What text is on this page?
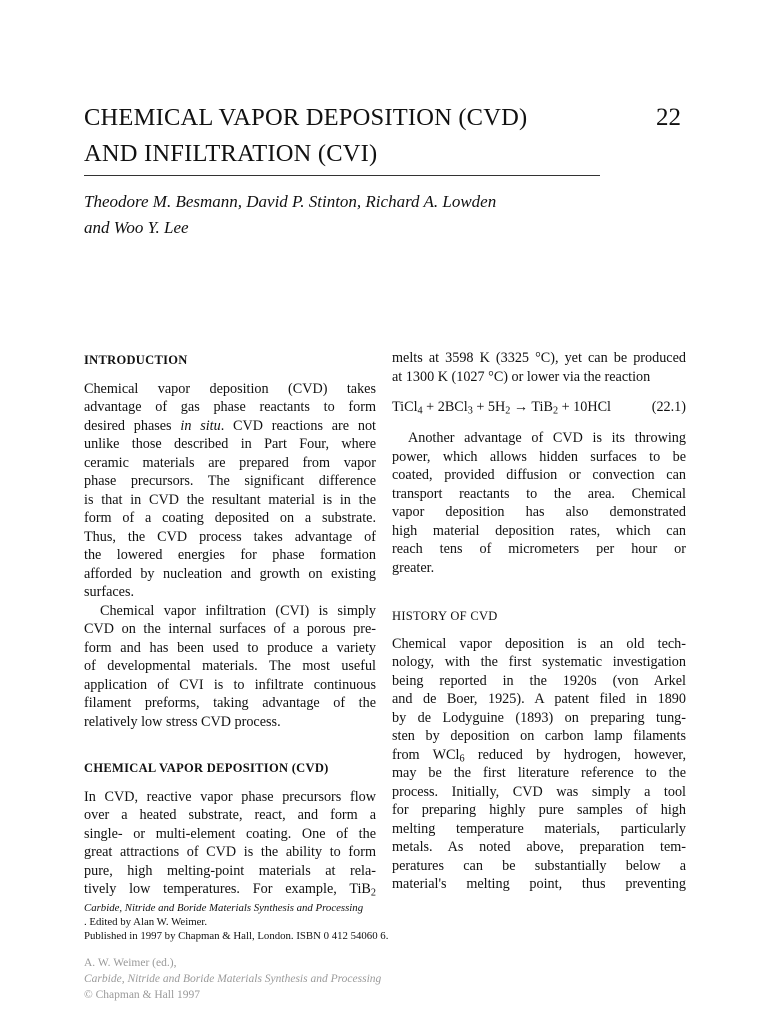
CHEMICAL VAPOR DEPOSITION (CVD)
AND INFILTRATION (CVI)
22
Theodore M. Besmann, David P. Stinton, Richard A. Lowden
and Woo Y. Lee
INTRODUCTION
Chemical vapor deposition (CVD) takes
advantage of gas phase reactants to form
desired phases in situ. CVD reactions are not
unlike those described in Part Four, where
ceramic materials are prepared from vapor
phase precursors. The significant difference
is that in CVD the resultant material is in the
form of a coating deposited on a substrate.
Thus, the CVD process takes advantage of
the lowered energies for phase formation
afforded by nucleation and growth on existing
surfaces.
Chemical vapor infiltration (CVI) is simply
CVD on the internal surfaces of a porous pre-
form and has been used to produce a variety
of developmental materials. The most useful
application of CVI is to infiltrate continuous
filament preforms, taking advantage of the
relatively low stress CVD process.
CHEMICAL VAPOR DEPOSITION (CVD)
In CVD, reactive vapor phase precursors flow
over a heated substrate, react, and form a
single- or multi-element coating. One of the
great attractions of CVD is the ability to form
pure, high melting-point materials at rela-
tively low temperatures. For example, TiB$_2$
melts at 3598 K (3325 °C), yet can be produced
at 1300 K (1027 °C) or lower via the reaction
TiCl$_4$ + $2BCl_3 + 5H_2 \to TiB_2 + 10HCl$	(22.1)
Another advantage of CVD is its throwing
power, which allows hidden surfaces to be
coated, provided diffusion or convection can
transport reactants to the area. Chemical
vapor deposition has also demonstrated
high material deposition rates, which can
reach tens of micrometers per hour or
greater.
HISTORY OF CVD
Chemical vapor deposition is an old tech-
nology, with the first systematic investigation
being reported in the 1920s (von Arkel
and de Boer, 1925). A patent filed in 1890
by de Lodyguine (1893) on preparing tung-
sten by deposition on carbon lamp filaments
from WCl$_6$ reduced by hydrogen, however,
may be the first literature reference to the
process. Initially, CVD was simply a tool
for preparing highly pure samples of high
melting temperature materials, particularly
metals. As noted above, preparation tem-
peratures can be substantially below a
material's melting point, thus preventing
Carbide, Nitride and Boride Materials Synthesis and Processing
. Edited by Alan W. Weimer.
Published in 1997 by Chapman & Hall, London. ISBN 0 412 54060 6.
A. W. Weimer (ed.),
Carbide, Nitride and Boride Materials Synthesis and Processing
© Chapman & Hall 1997
